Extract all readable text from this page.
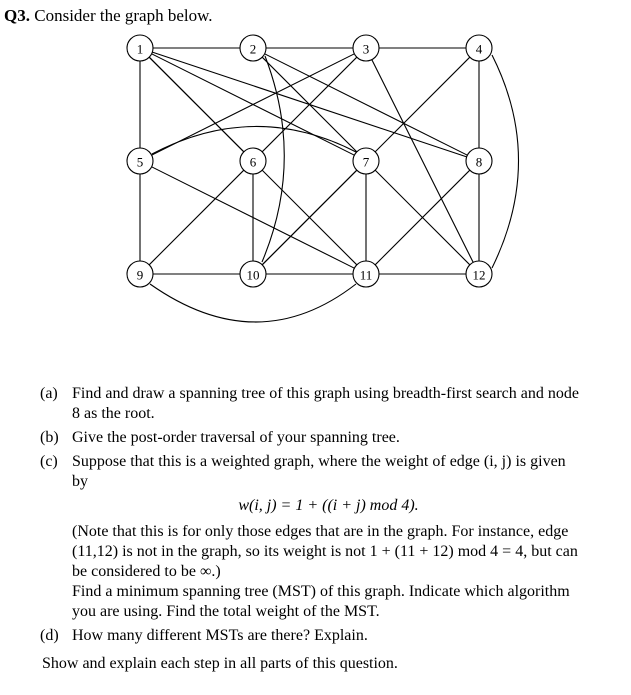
Q3. Consider the graph below.
1	2	3	4
5	6	7	8
9	10	11	12
(a) Find and draw a spanning tree of this graph using breadth-first search and node 8 as the root.
(b) Give the post-order traversal of your spanning tree.
(c) Suppose that this is a weighted graph, where the weight of edge (i, j) is given by
w(i, j) = 1 + ((i + j) mod 4).
(Note that this is for only those edges that are in the graph. For instance, edge (11,12) is not in the graph, so its weight is not 1 + (11 + 12) mod 4 = 4, but can be considered to be ∞.)
Find a minimum spanning tree (MST) of this graph. Indicate which algorithm you are using. Find the total weight of the MST.
(d) How many different MSTs are there? Explain.
Show and explain each step in all parts of this question.
